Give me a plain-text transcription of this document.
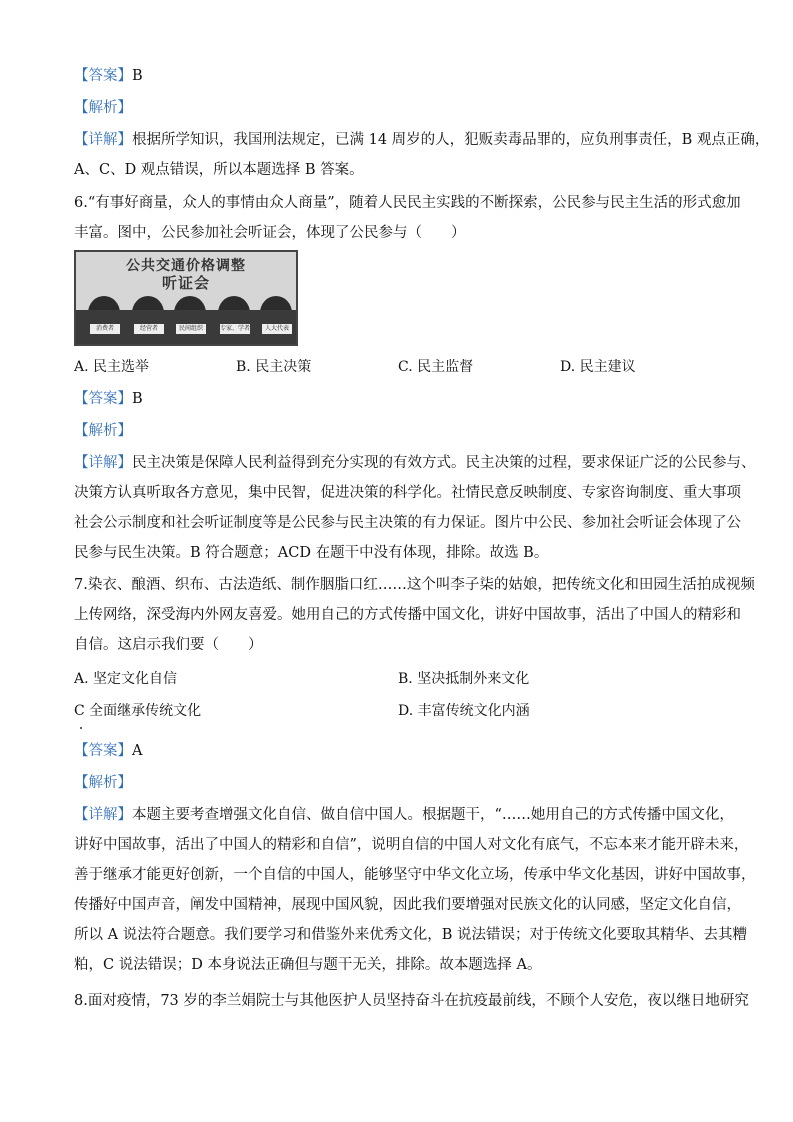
【答案】B
【解析】
【详解】根据所学知识，我国刑法规定，已满 14 周岁的人，犯贩卖毒品罪的，应负刑事责任，B 观点正确，
A、C、D 观点错误，所以本题选择 B 答案。
6.“有事好商量，众人的事情由众人商量”，随着人民民主实践的不断探索，公民参与民主生活的形式愈加
丰富。图中，公民参加社会听证会，体现了公民参与（　　）
公共交通价格调整
听证会
消费者	经营者	民间组织	专家、学者	人大代表
A. 民主选举	B. 民主决策	C. 民主监督	D. 民主建议
【答案】B
【解析】
【详解】民主决策是保障人民利益得到充分实现的有效方式。民主决策的过程，要求保证广泛的公民参与、
决策方认真听取各方意见，集中民智，促进决策的科学化。社情民意反映制度、专家咨询制度、重大事项
社会公示制度和社会听证制度等是公民参与民主决策的有力保证。图片中公民、参加社会听证会体现了公
民参与民生决策。B 符合题意；ACD 在题干中没有体现，排除。故选 B。
7.染衣、酿酒、织布、古法造纸、制作胭脂口红……这个叫李子柒的姑娘，把传统文化和田园生活拍成视频
上传网络，深受海内外网友喜爱。她用自己的方式传播中国文化，讲好中国故事，活出了中国人的精彩和
自信。这启示我们要（　　）
A. 坚定文化自信	B. 坚决抵制外来文化
C 全面继承传统文化	D. 丰富传统文化内涵
【答案】A
【解析】
【详解】本题主要考查增强文化自信、做自信中国人。根据题干，“……她用自己的方式传播中国文化，
讲好中国故事，活出了中国人的精彩和自信”，说明自信的中国人对文化有底气，不忘本来才能开辟未来，
善于继承才能更好创新，一个自信的中国人，能够坚守中华文化立场，传承中华文化基因，讲好中国故事，
传播好中国声音，阐发中国精神，展现中国风貌，因此我们要增强对民族文化的认同感，坚定文化自信，
所以 A 说法符合题意。我们要学习和借鉴外来优秀文化，B 说法错误；对于传统文化要取其精华、去其糟
粕，C 说法错误；D 本身说法正确但与题干无关，排除。故本题选择 A。
8.面对疫情，73 岁的李兰娟院士与其他医护人员坚持奋斗在抗疫最前线，不顾个人安危，夜以继日地研究
